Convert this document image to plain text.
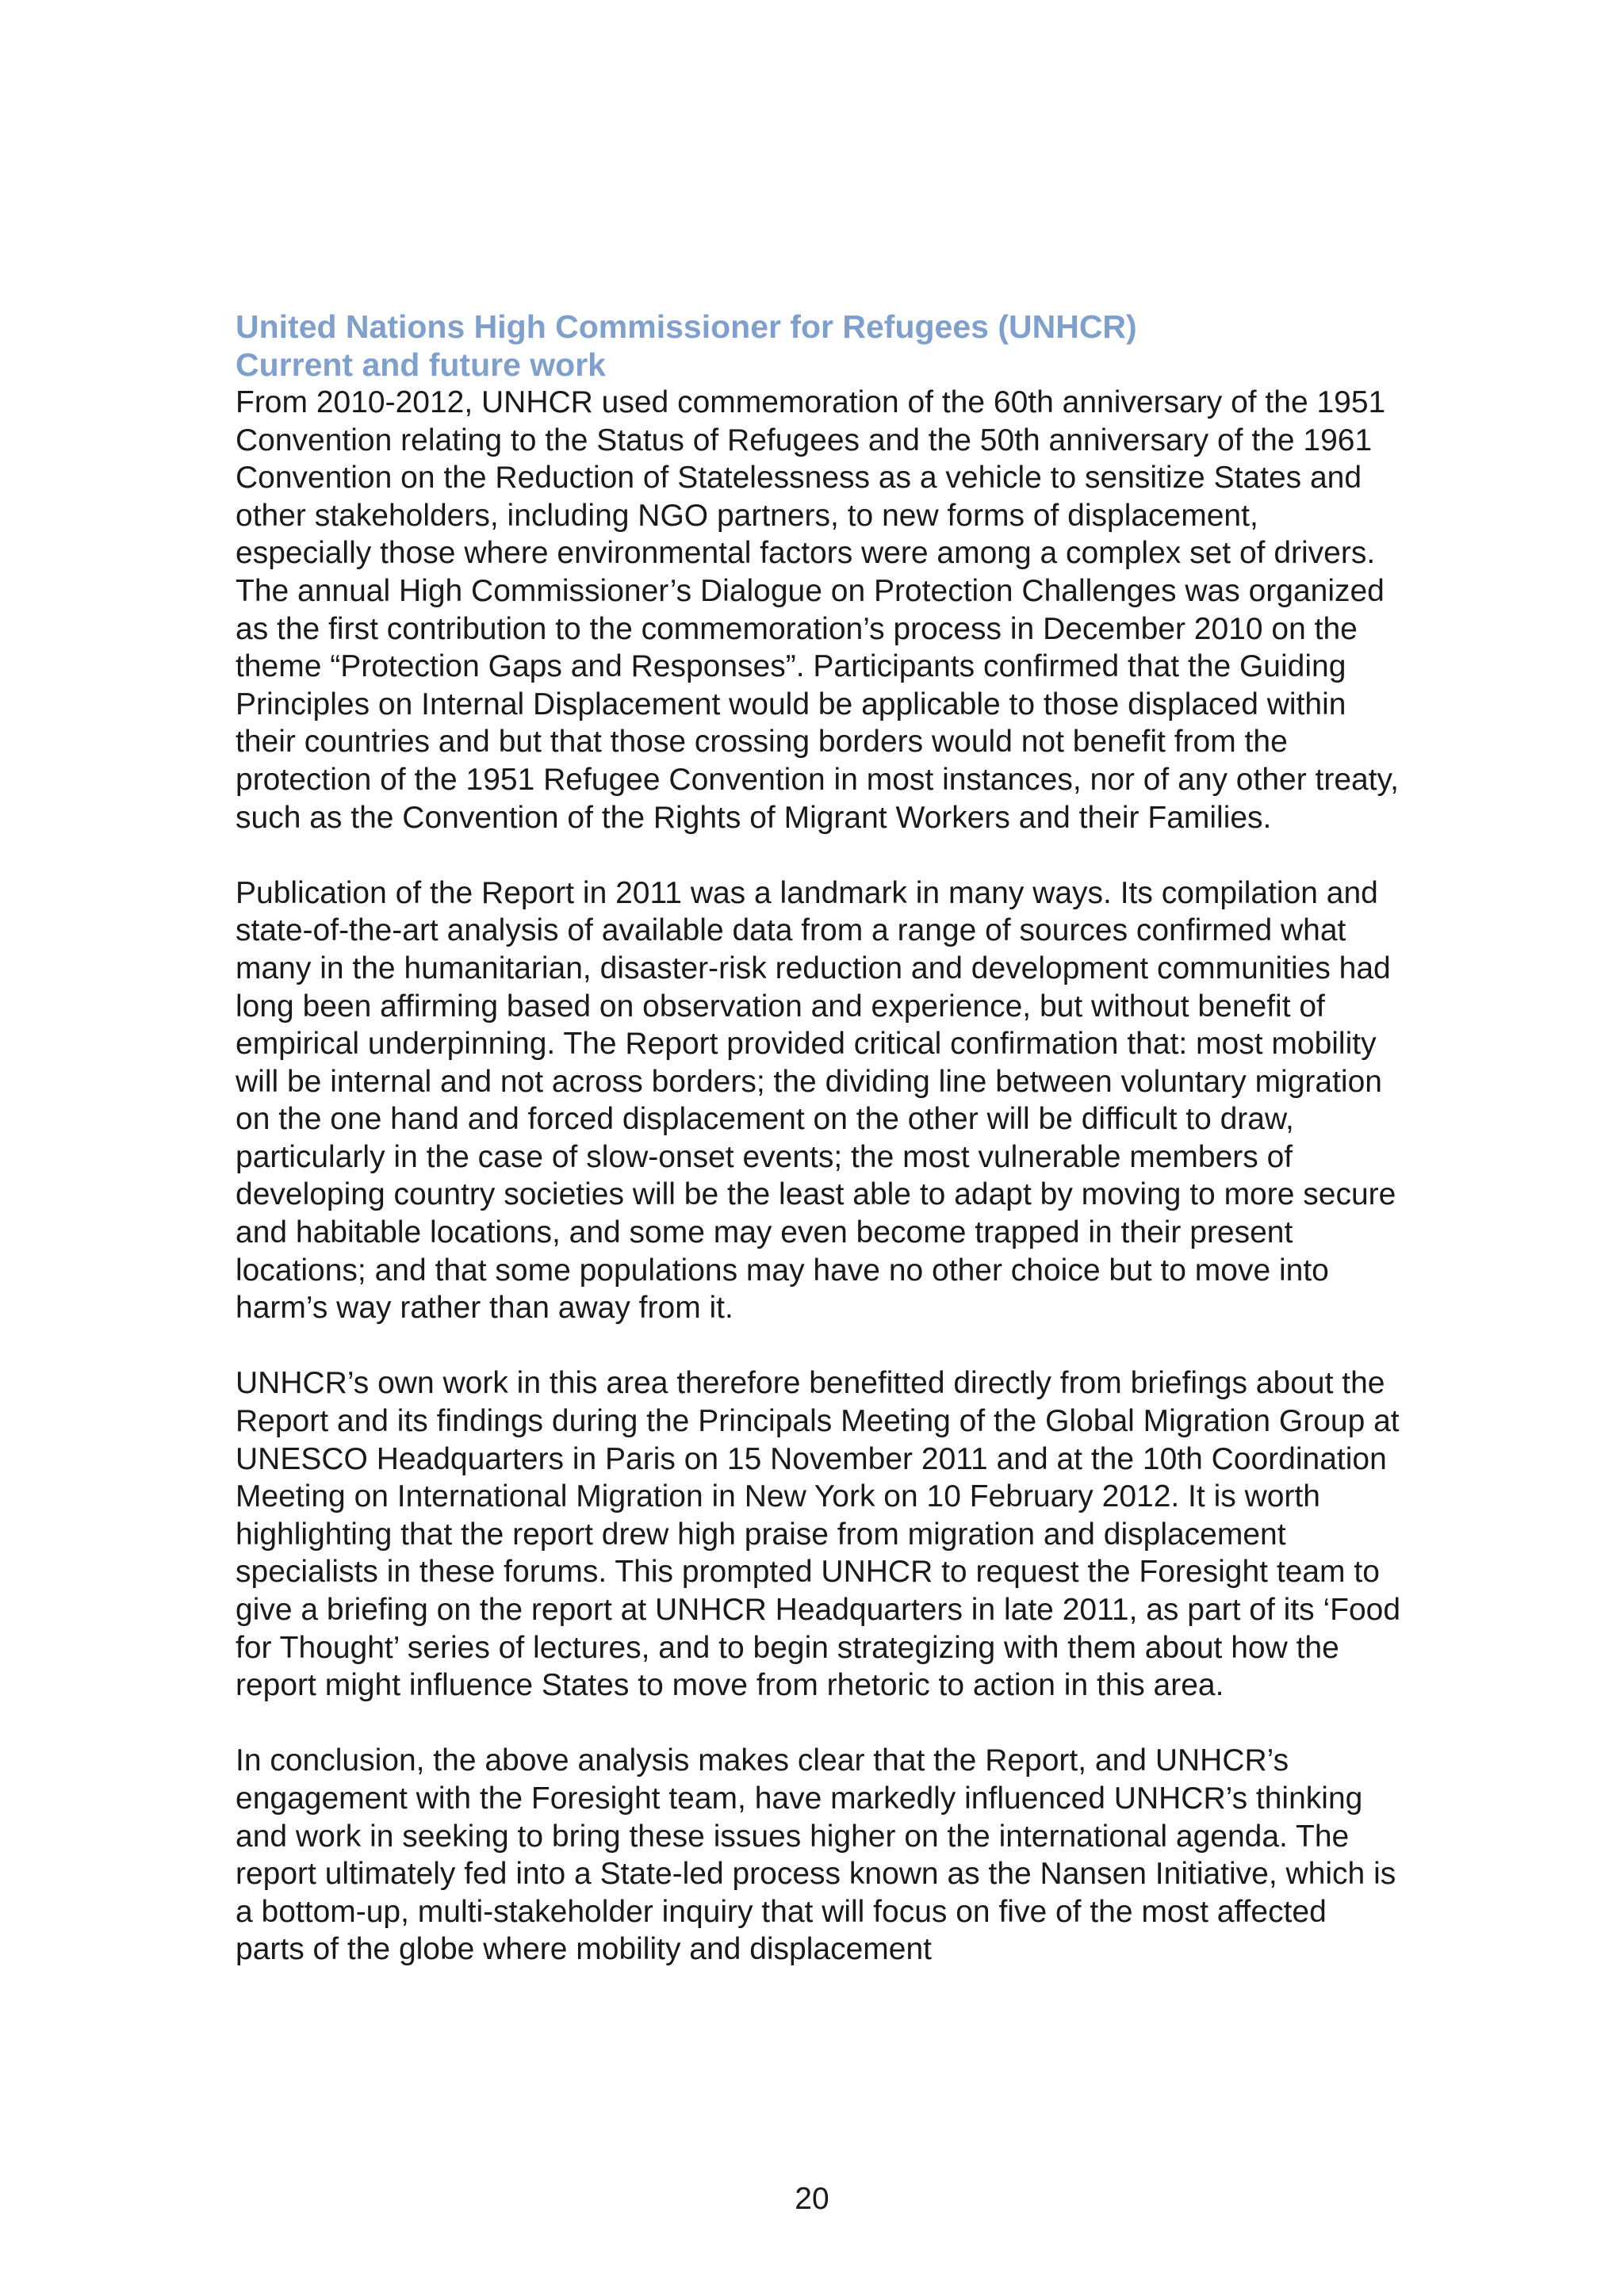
United Nations High Commissioner for Refugees (UNHCR)
Current and future work

From 2010-2012, UNHCR used commemoration of the 60th anniversary of the 1951 Convention relating to the Status of Refugees and the 50th anniversary of the 1961 Convention on the Reduction of Statelessness as a vehicle to sensitize States and other stakeholders, including NGO partners, to new forms of displacement, especially those where environmental factors were among a complex set of drivers. The annual High Commissioner’s Dialogue on Protection Challenges was organized as the first contribution to the commemoration’s process in December 2010 on the theme “Protection Gaps and Responses”. Participants confirmed that the Guiding Principles on Internal Displacement would be applicable to those displaced within their countries and but that those crossing borders would not benefit from the protection of the 1951 Refugee Convention in most instances, nor of any other treaty, such as the Convention of the Rights of Migrant Workers and their Families.

Publication of the Report in 2011 was a landmark in many ways. Its compilation and state-of-the-art analysis of available data from a range of sources confirmed what many in the humanitarian, disaster-risk reduction and development communities had long been affirming based on observation and experience, but without benefit of empirical underpinning. The Report provided critical confirmation that: most mobility will be internal and not across borders; the dividing line between voluntary migration on the one hand and forced displacement on the other will be difficult to draw, particularly in the case of slow-onset events; the most vulnerable members of developing country societies will be the least able to adapt by moving to more secure and habitable locations, and some may even become trapped in their present locations; and that some populations may have no other choice but to move into harm’s way rather than away from it.

UNHCR’s own work in this area therefore benefitted directly from briefings about the Report and its findings during the Principals Meeting of the Global Migration Group at UNESCO Headquarters in Paris on 15 November 2011 and at the 10th Coordination Meeting on International Migration in New York on 10 February 2012. It is worth highlighting that the report drew high praise from migration and displacement specialists in these forums. This prompted UNHCR to request the Foresight team to give a briefing on the report at UNHCR Headquarters in late 2011, as part of its ‘Food for Thought’ series of lectures, and to begin strategizing with them about how the report might influence States to move from rhetoric to action in this area.

In conclusion, the above analysis makes clear that the Report, and UNHCR’s engagement with the Foresight team, have markedly influenced UNHCR’s thinking and work in seeking to bring these issues higher on the international agenda. The report ultimately fed into a State-led process known as the Nansen Initiative, which is a bottom-up, multi-stakeholder inquiry that will focus on five of the most affected parts of the globe where mobility and displacement

20
